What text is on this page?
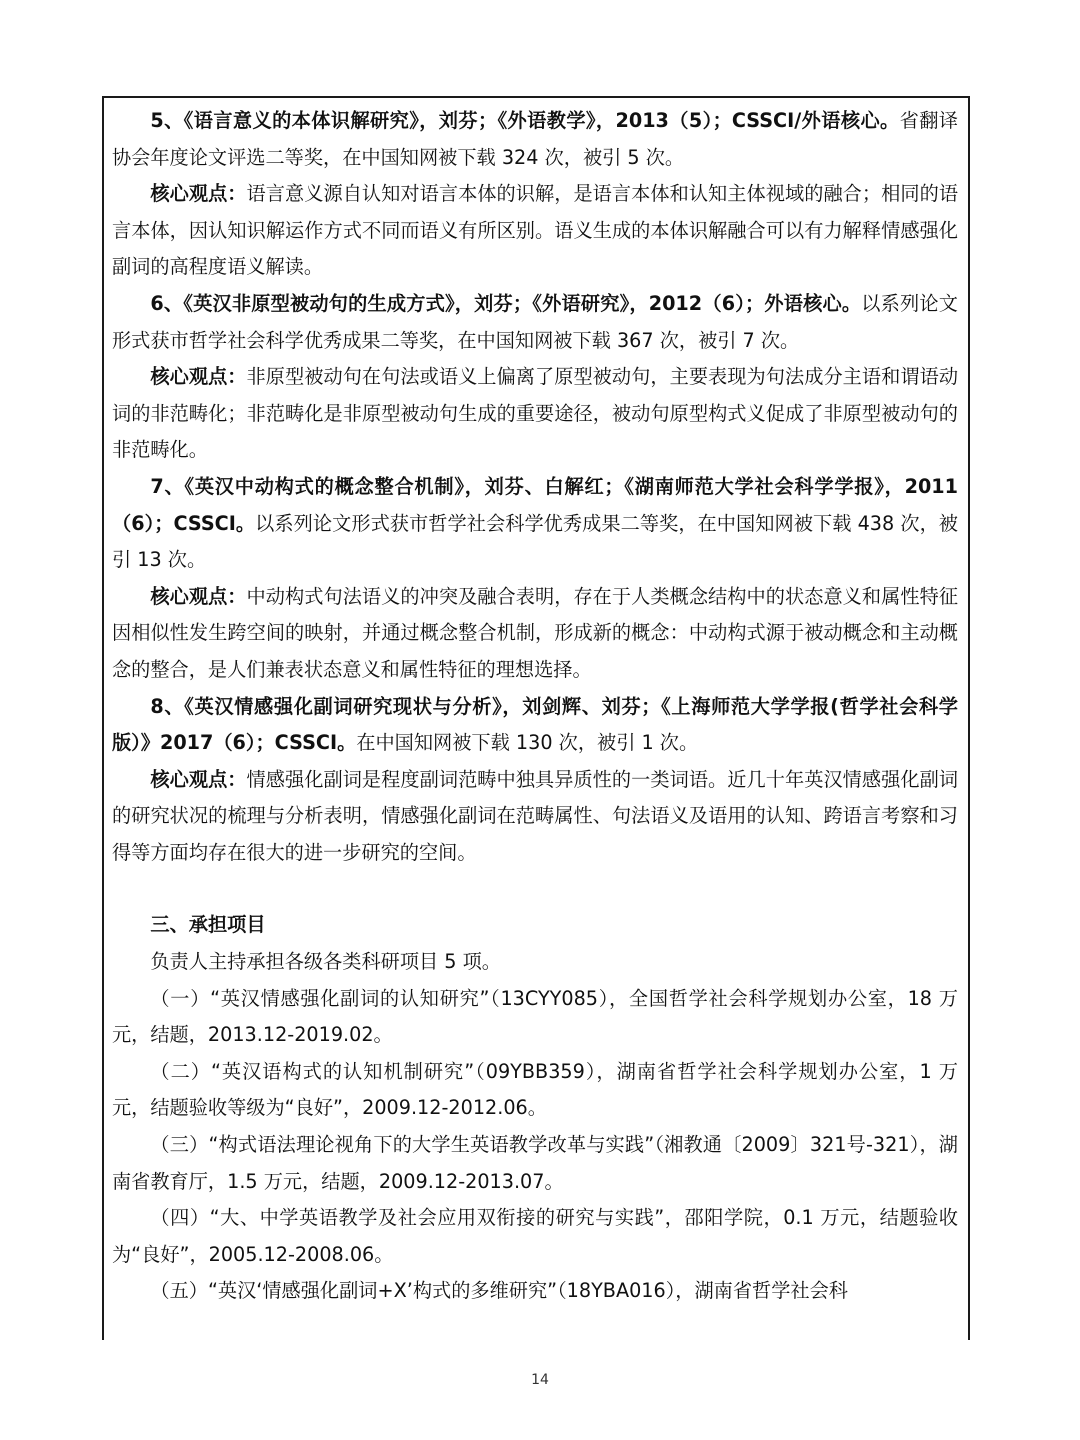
5、《语言意义的本体识解研究》，刘芬；《外语教学》，2013（5）；CSSCI/外语核心。省翻译协会年度论文评选二等奖，在中国知网被下载 324 次，被引 5 次。

核心观点：语言意义源自认知对语言本体的识解，是语言本体和认知主体视域的融合；相同的语言本体，因认知识解运作方式不同而语义有所区别。语义生成的本体识解融合可以有力解释情感强化副词的高程度语义解读。

6、《英汉非原型被动句的生成方式》，刘芬；《外语研究》，2012（6）；外语核心。以系列论文形式获市哲学社会科学优秀成果二等奖，在中国知网被下载 367 次，被引 7 次。

核心观点：非原型被动句在句法或语义上偏离了原型被动句，主要表现为句法成分主语和谓语动词的非范畴化；非范畴化是非原型被动句生成的重要途径，被动句原型构式义促成了非原型被动句的非范畴化。

7、《英汉中动构式的概念整合机制》，刘芬、白解红；《湖南师范大学社会科学学报》，2011（6）；CSSCI。以系列论文形式获市哲学社会科学优秀成果二等奖，在中国知网被下载 438 次，被引 13 次。

核心观点：中动构式句法语义的冲突及融合表明，存在于人类概念结构中的状态意义和属性特征因相似性发生跨空间的映射，并通过概念整合机制，形成新的概念：中动构式源于被动概念和主动概念的整合，是人们兼表状态意义和属性特征的理想选择。

8、《英汉情感强化副词研究现状与分析》，刘剑辉、刘芬；《上海师范大学学报(哲学社会科学版）》2017（6）；CSSCI。在中国知网被下载 130 次，被引 1 次。

核心观点：情感强化副词是程度副词范畴中独具异质性的一类词语。近几十年英汉情感强化副词的研究状况的梳理与分析表明，情感强化副词在范畴属性、句法语义及语用的认知、跨语言考察和习得等方面均存在很大的进一步研究的空间。

三、承担项目

负责人主持承担各级各类科研项目 5 项。

（一）“英汉情感强化副词的认知研究”（13CYY085），全国哲学社会科学规划办公室，18 万元，结题，2013.12-2019.02。

（二）“英汉语构式的认知机制研究”（09YBB359），湖南省哲学社会科学规划办公室，1 万元，结题验收等级为“良好”，2009.12-2012.06。

（三）“构式语法理论视角下的大学生英语教学改革与实践”（湘教通〔2009〕321号-321），湖南省教育厅，1.5 万元，结题，2009.12-2013.07。

（四）“大、中学英语教学及社会应用双衔接的研究与实践”，邵阳学院，0.1 万元，结题验收为“良好”，2005.12-2008.06。

（五）“英汉‘情感强化副词+X’构式的多维研究”（18YBA016），湖南省哲学社会科

14
